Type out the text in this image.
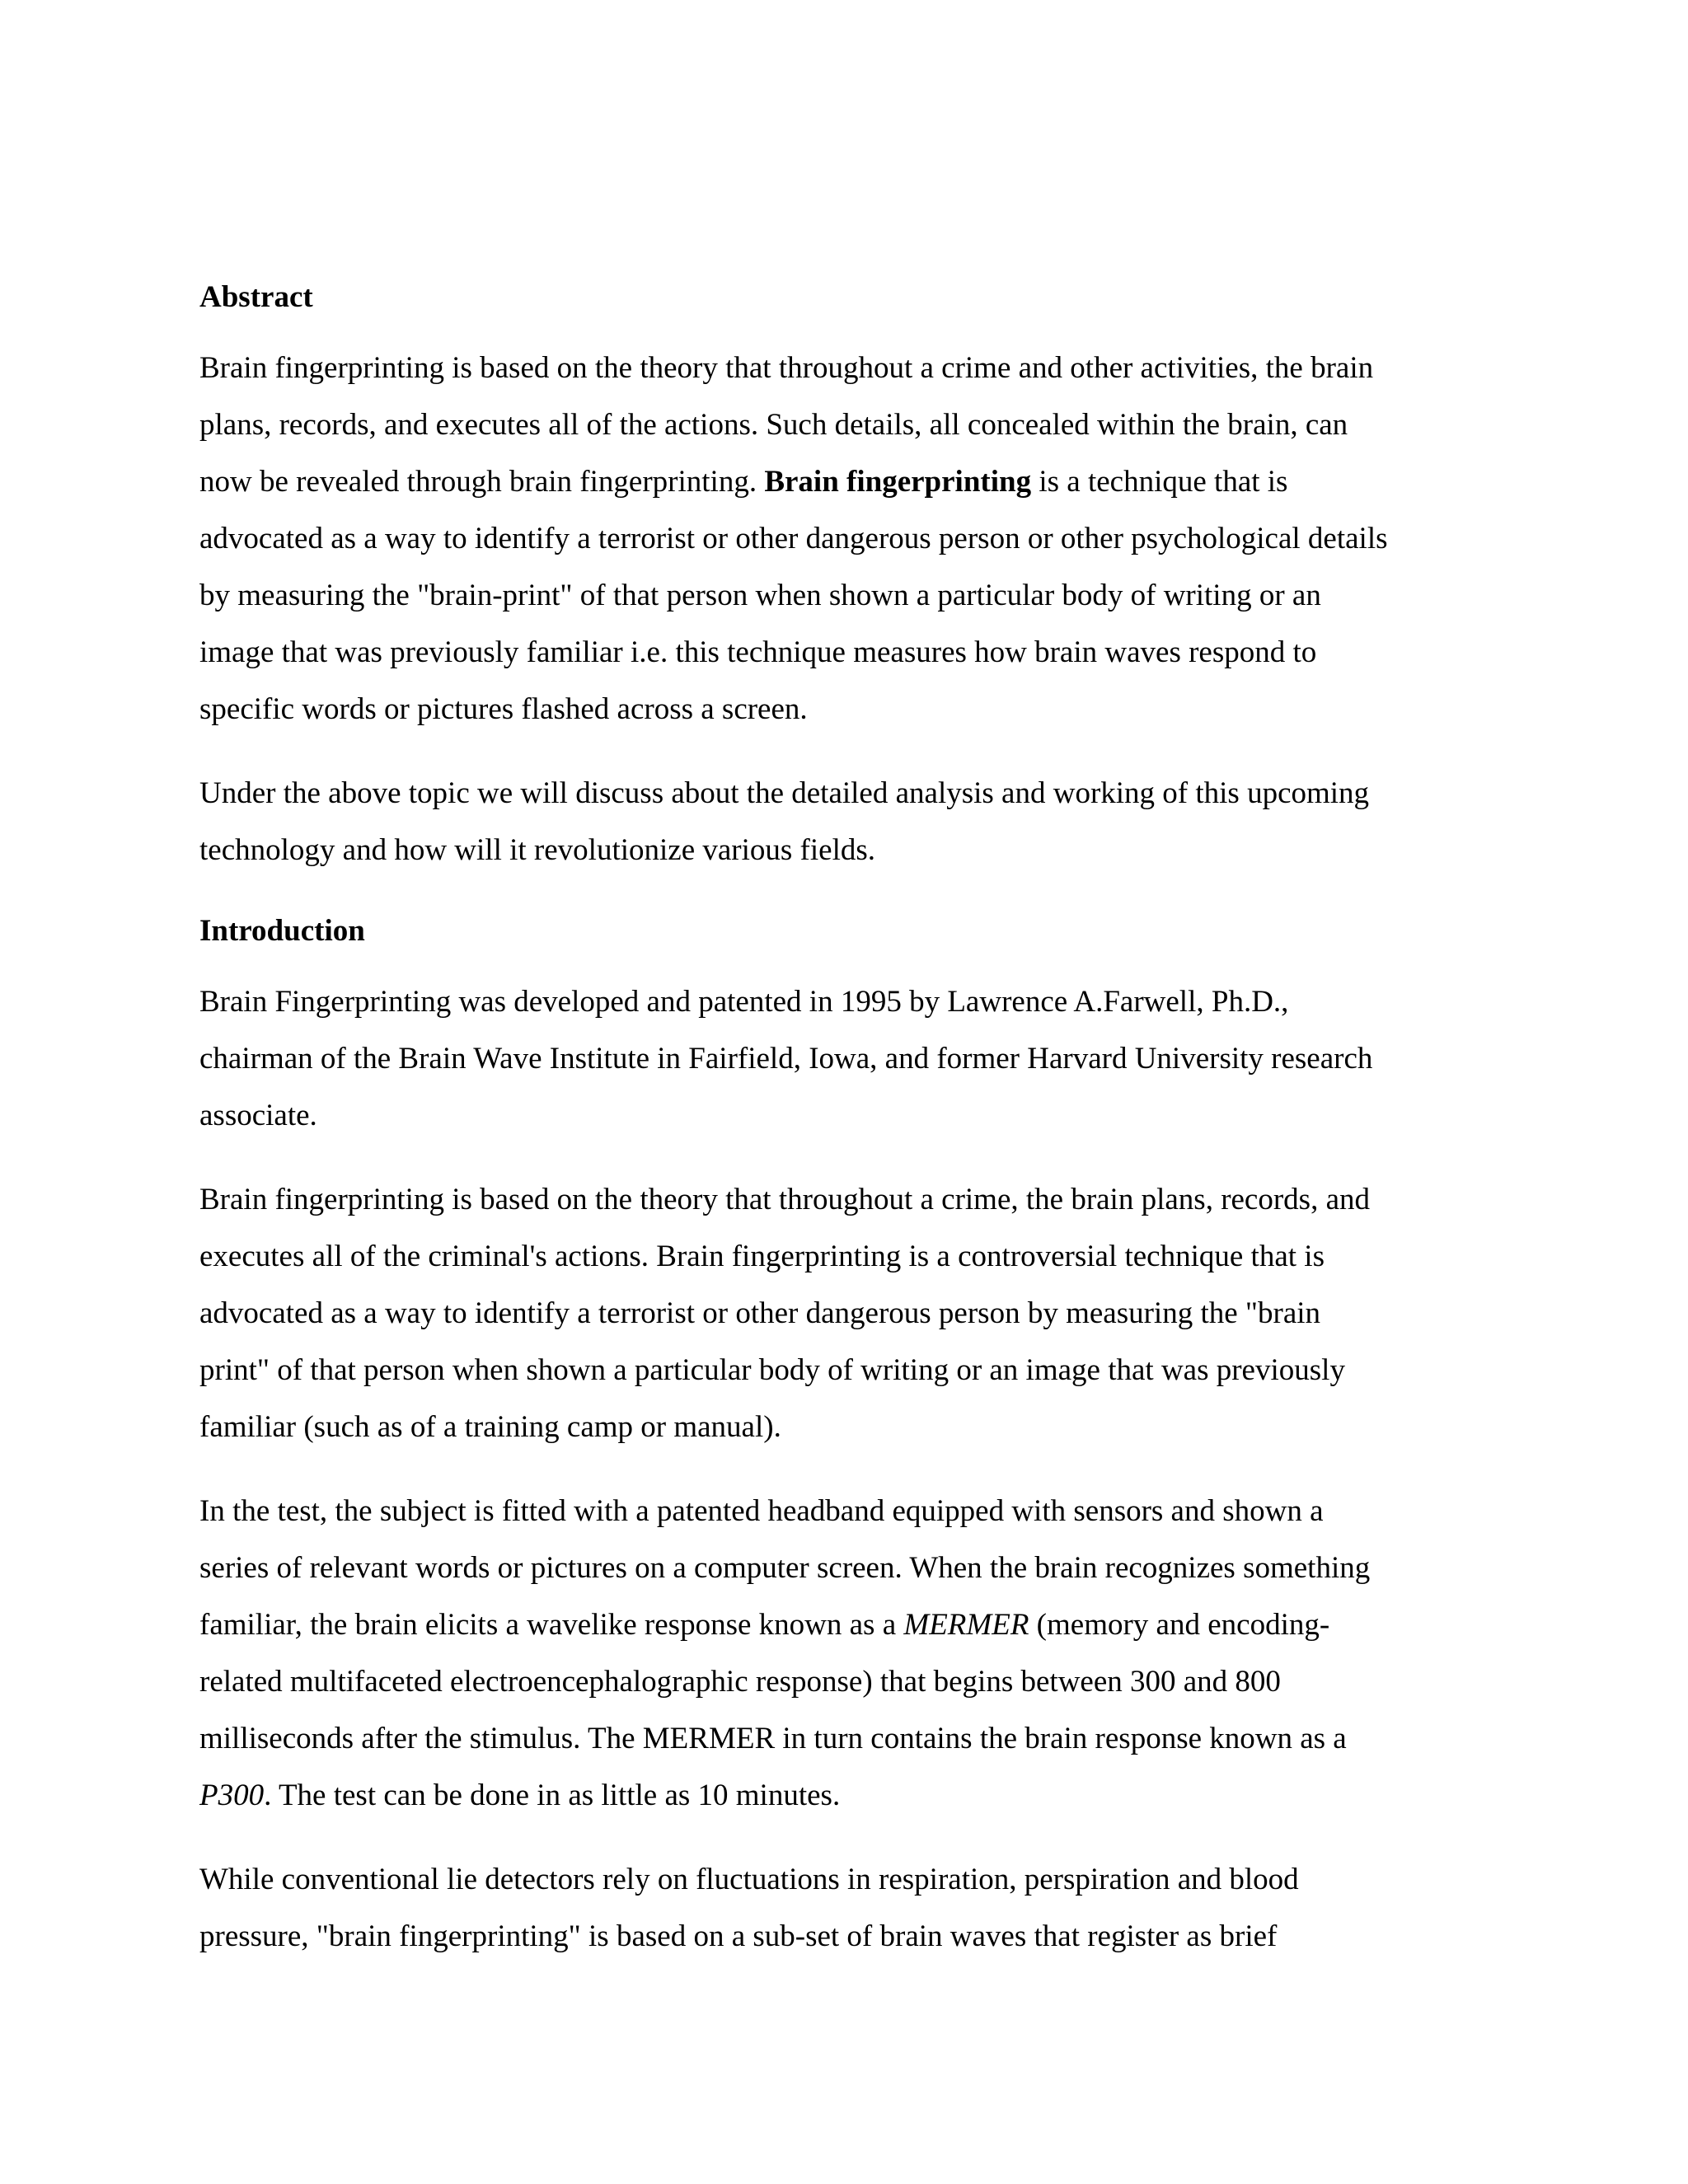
Abstract
Brain fingerprinting is based on the theory that throughout a crime and other activities, the brain
plans, records, and executes all of the actions. Such details, all concealed within the brain, can
now be revealed through brain fingerprinting. Brain fingerprinting is a technique that is
advocated as a way to identify a terrorist or other dangerous person or other psychological details
by measuring the "brain-print" of that person when shown a particular body of writing or an
image that was previously familiar i.e. this technique measures how brain waves respond to
specific words or pictures flashed across a screen.
Under the above topic we will discuss about the detailed analysis and working of this upcoming
technology and how will it revolutionize various fields.
Introduction
Brain Fingerprinting was developed and patented in 1995 by Lawrence A.Farwell, Ph.D.,
chairman of the Brain Wave Institute in Fairfield, Iowa, and former Harvard University research
associate.
Brain fingerprinting is based on the theory that throughout a crime, the brain plans, records, and
executes all of the criminal's actions. Brain fingerprinting is a controversial technique that is
advocated as a way to identify a terrorist or other dangerous person by measuring the "brain
print" of that person when shown a particular body of writing or an image that was previously
familiar (such as of a training camp or manual).
In the test, the subject is fitted with a patented headband equipped with sensors and shown a
series of relevant words or pictures on a computer screen. When the brain recognizes something
familiar, the brain elicits a wavelike response known as a MERMER (memory and encoding-
related multifaceted electroencephalographic response) that begins between 300 and 800
milliseconds after the stimulus. The MERMER in turn contains the brain response known as a
P300. The test can be done in as little as 10 minutes.
While conventional lie detectors rely on fluctuations in respiration, perspiration and blood
pressure, "brain fingerprinting" is based on a sub-set of brain waves that register as brief
